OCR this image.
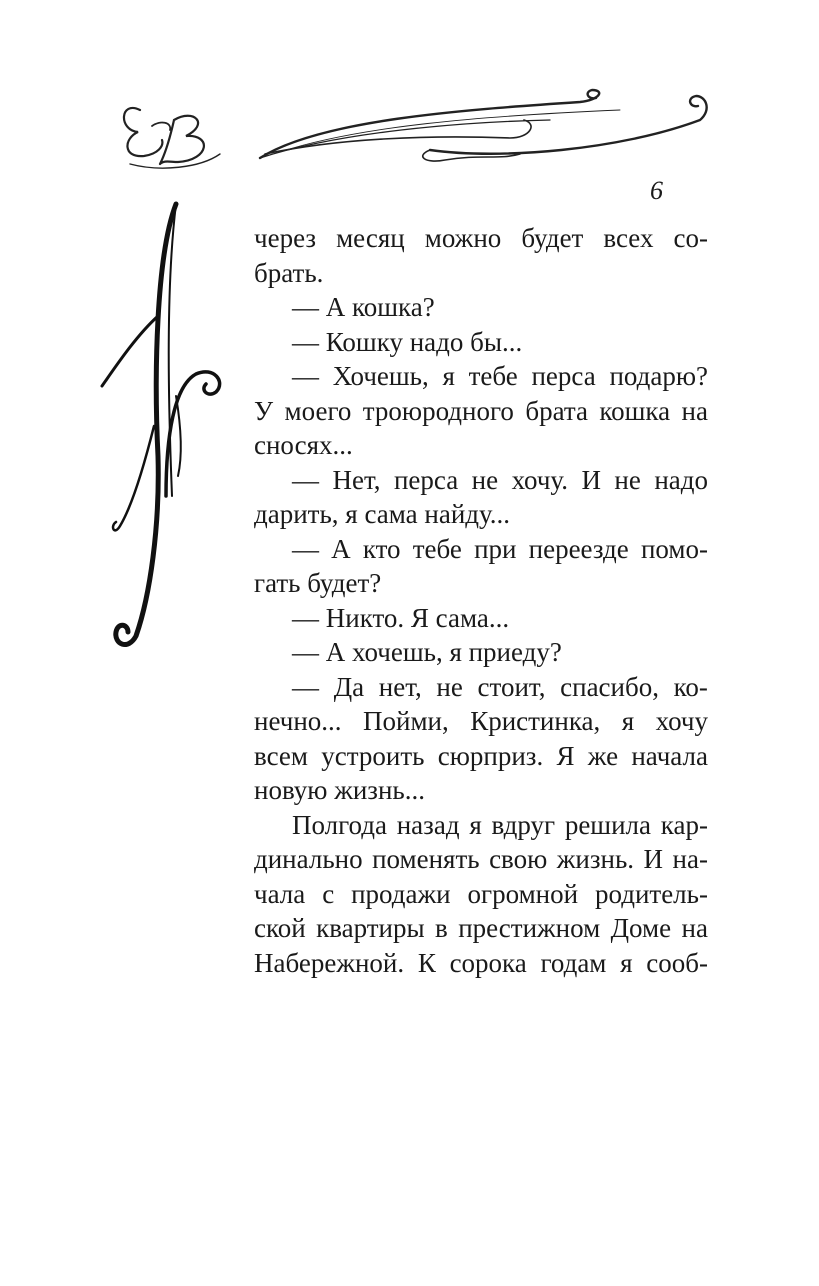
6
через месяц можно будет всех со-
брать.
— А кошка?
— Кошку надо бы...
— Хочешь, я тебе перса подарю?
У моего троюродного брата кошка на
сносях...
— Нет, перса не хочу. И не надо
дарить, я сама найду...
— А кто тебе при переезде помо-
гать будет?
— Никто. Я сама...
— А хочешь, я приеду?
— Да нет, не стоит, спасибо, ко-
нечно... Пойми, Кристинка, я хочу
всем устроить сюрприз. Я же начала
новую жизнь...
Полгода назад я вдруг решила кар-
динально поменять свою жизнь. И на-
чала с продажи огромной родитель-
ской квартиры в престижном Доме на
Набережной. К сорока годам я сооб-
